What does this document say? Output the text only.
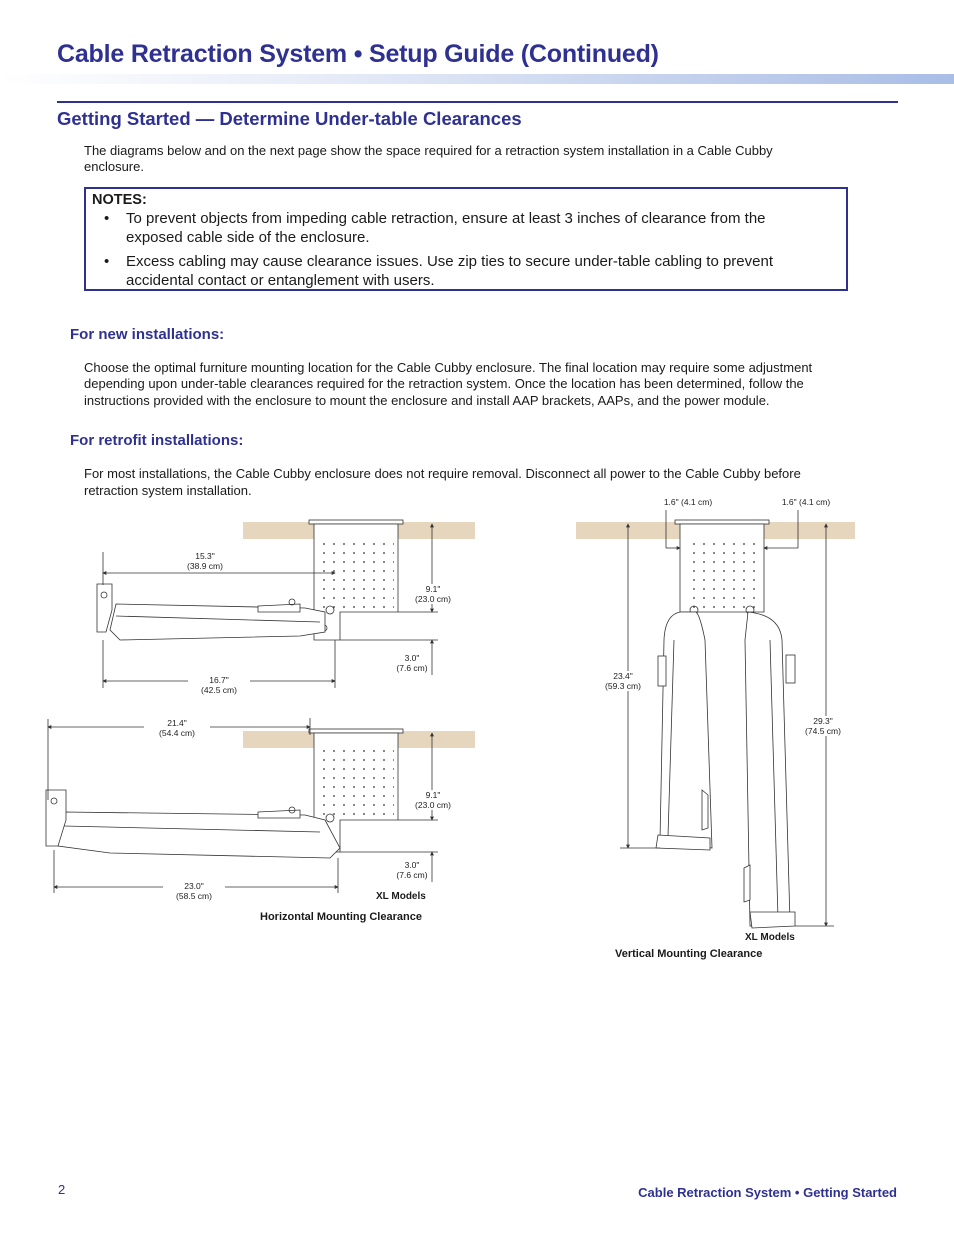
Cable Retraction System • Setup Guide (Continued)
Getting Started — Determine Under-table Clearances
The diagrams below and on the next page show the space required for a retraction system installation in a Cable Cubby
enclosure.
NOTES:
• To prevent objects from impeding cable retraction, ensure at least 3 inches of clearance from the
exposed cable side of the enclosure.
• Excess cabling may cause clearance issues. Use zip ties to secure under-table cabling to prevent
accidental contact or entanglement with users.
For new installations:
Choose the optimal furniture mounting location for the Cable Cubby enclosure. The final location may require some adjustment
depending upon under-table clearances required for the retraction system. Once the location has been determined, follow the
instructions provided with the enclosure to mount the enclosure and install AAP brackets, AAPs, and the power module.
For retrofit installations:
For most installations, the Cable Cubby enclosure does not require removal. Disconnect all power to the Cable Cubby before
retraction system installation.
15.3"
(38.9 cm)
16.7"
(42.5 cm)
9.1"
(23.0 cm)
3.0"
(7.6 cm)
21.4"
(54.4 cm)
23.0"
(58.5 cm)
9.1"
(23.0 cm)
3.0"
(7.6 cm)
XL Models
Horizontal Mounting Clearance
1.6" (4.1 cm)	1.6" (4.1 cm)
23.4"
(59.3 cm)
29.3"
(74.5 cm)
XL Models
Vertical Mounting Clearance
2	Cable Retraction System • Getting Started
